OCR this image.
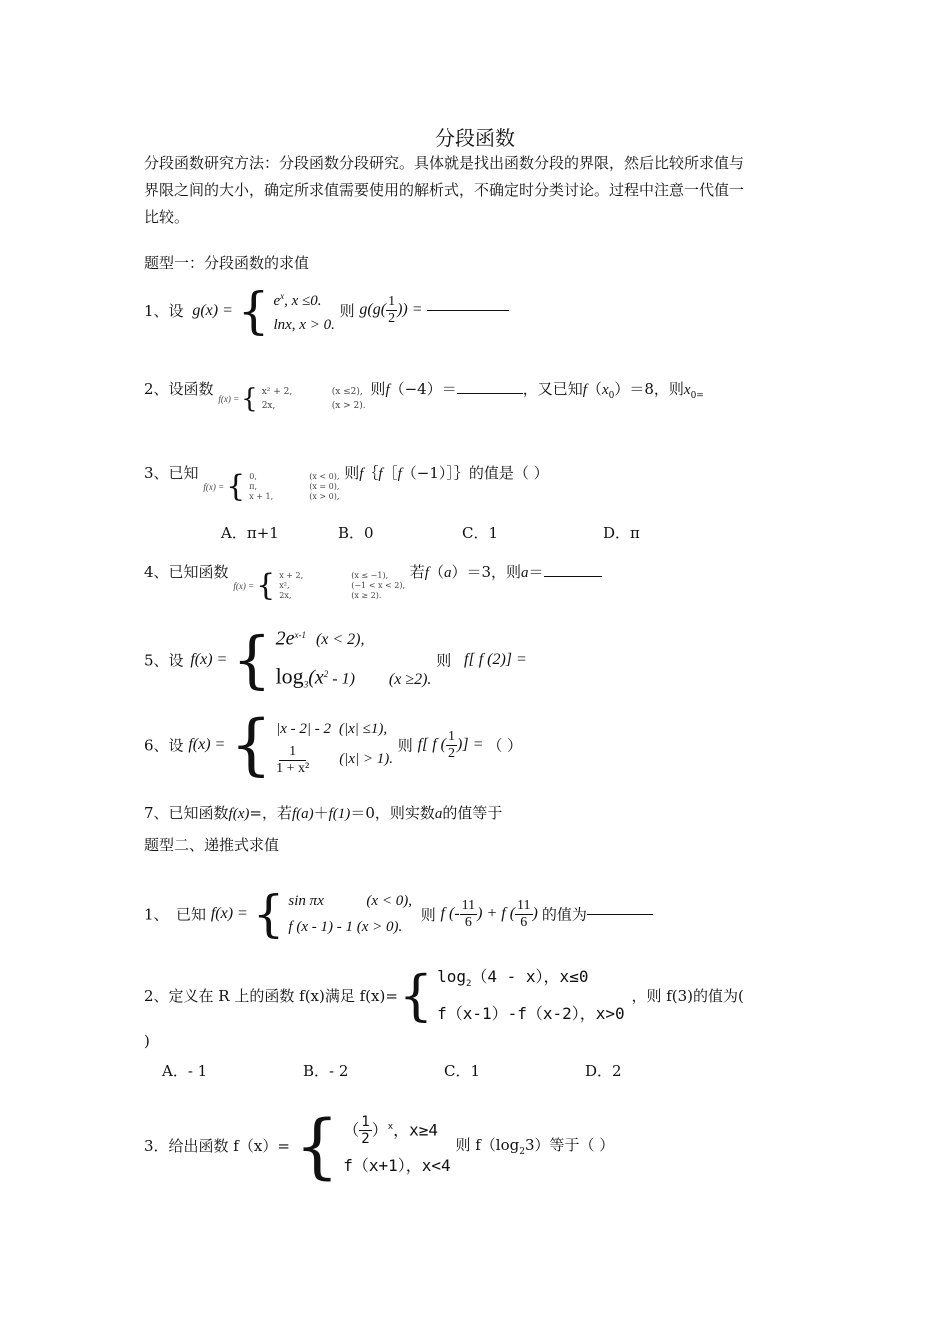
分段函数
分段函数研究方法：分段函数分段研究。具体就是找出函数分段的界限，然后比较所求值与
界限之间的大小，确定所求值需要使用的解析式，不确定时分类讨论。过程中注意一代值一
比较。
题型一：分段函数的求值
1、设 g(x) = { $e^x$, x ≤0.
lnx, x > 0.
则 $g(g( \frac{1}{2}$ )) =
2、设函数
f(x) = { x² + 2,	(x ≤2),
2x,	(x > 2).
则f（−4）＝	，又已知$f(x_0)=8$，则$x_{0=}$
3、已知
f(x) = { 0,	(x < 0),
π,	(x = 0),
x + 1,	(x > 0),
则f｛f［f（−1）］｝的值是（ ）
A．π+1	B．0	C．1	D．π
4、已知函数
f(x) = { x + 2,	(x ≤ −1),
x²,	(−1 < x < 2),
2x,	(x ≥ 2).
若f（a）＝3，则a＝
5、设 f(x) = { $2e^{x-1}$ (x < 2),
$\log_3(x^2 - 1)$ (x ≥2).
则 f[ f (2)] =
6、设 f(x) = { |x - 2| - 2 (|x| ≤1),
$\frac{1}{\text{1 + x²}} (|x| > 1)$.
则 f[ f ( $\frac{1}{2}$ )] = （ ）
7、已知函数f(x)=，若f(a)＋f(1)＝0，则实数a的值等于
题型二、递推式求值
1、　已知 f(x) = { sin πx	(x < 0),
f (x - 1) - 1 (x > 0).
则 f (- $\frac{11}{6}$ ) + f ( $\frac{11}{6}$ ) 的值为
2、定义在 R 上的函数 f(x)满足 f(x)= { $\log_2(4 - x)$，x≤0
f（x-1）-f（x-2），x>0
，则 f(3)的值为(
)
A．- 1	B．- 2	C．1	D．2
3．给出函数 f（x）= { （ $\frac{1}{2} )^x$，x≥4
f（x+1），x<4
则 $f(\log_23)$等于（ ）
